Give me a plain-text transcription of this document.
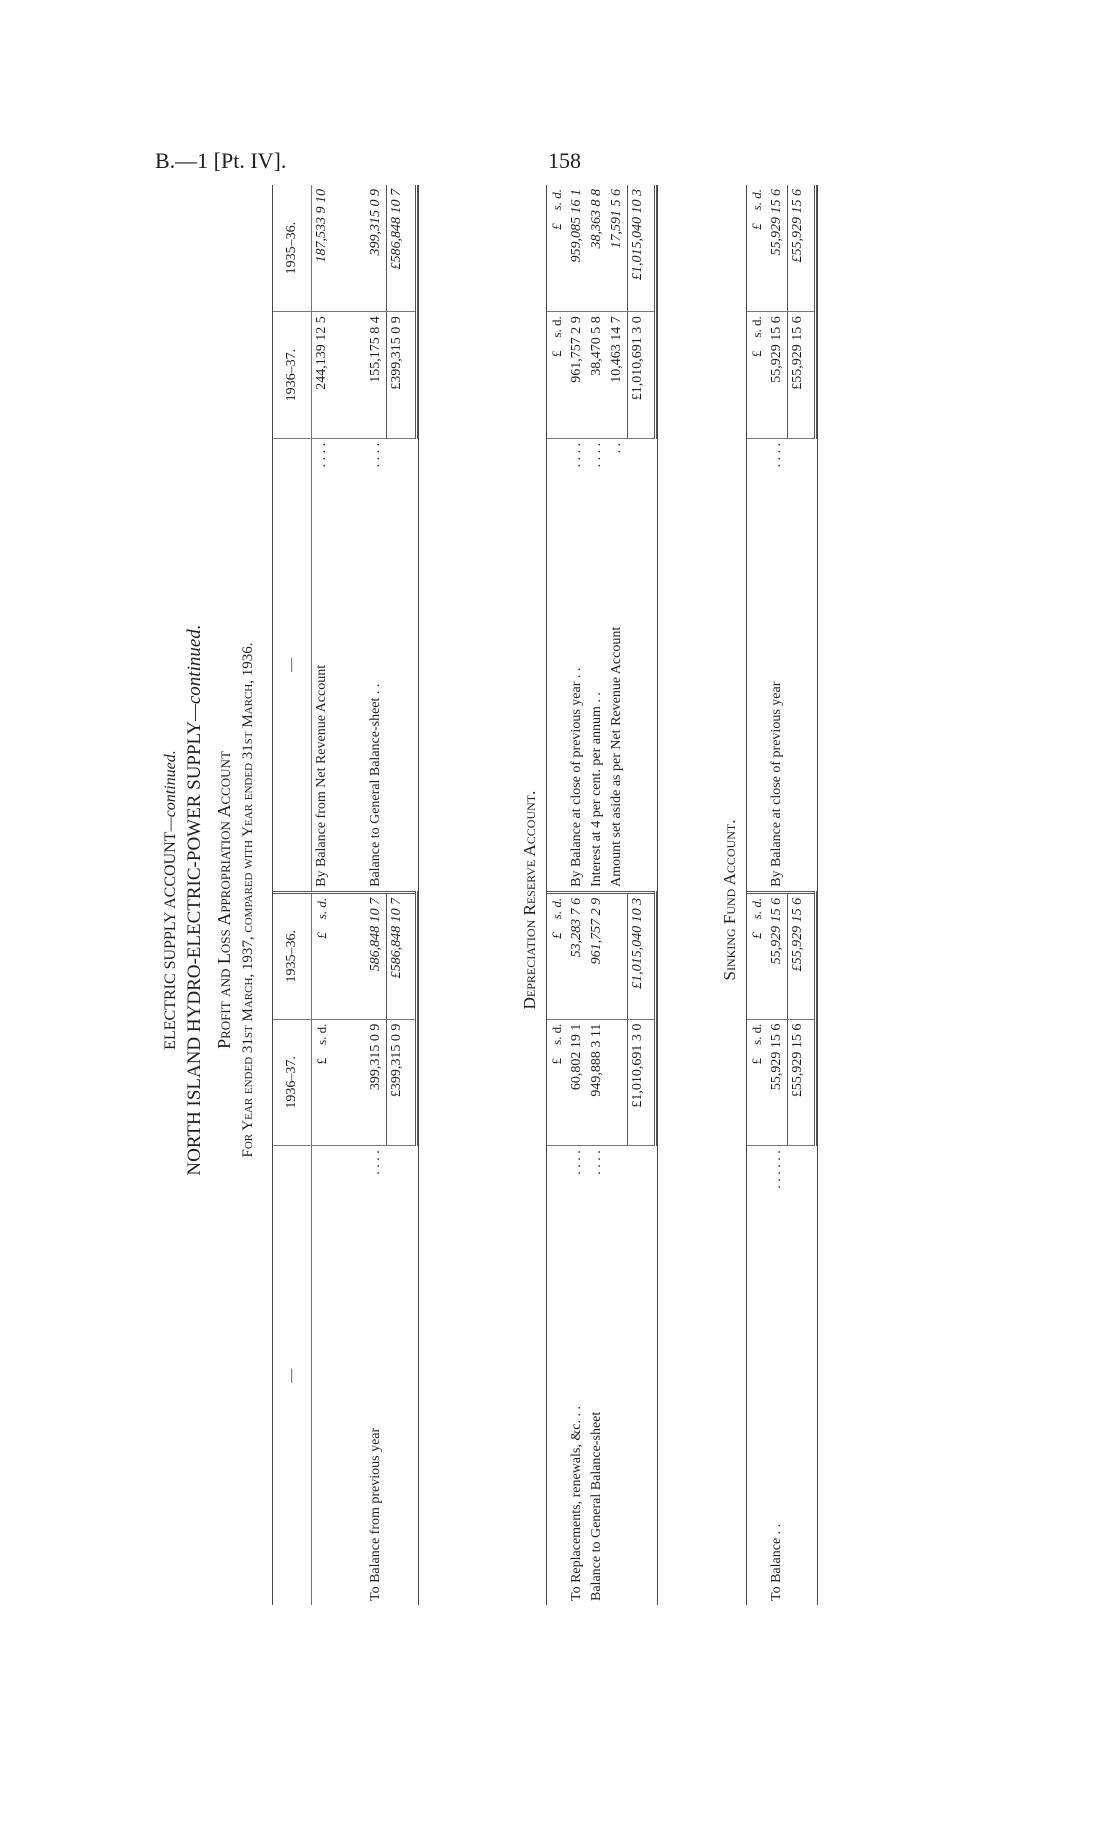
B.—1 [Pt. IV].	158
ELECTRIC SUPPLY ACCOUNT—continued. NORTH ISLAND HYDRO-ELECTRIC-POWER SUPPLY—continued.
Profit and Loss Appropriation Account For Year ended 31st March, 1937, compared with Year ended 31st March, 1936.
—		1936–37.	1935–36.	—		1936–37.	1935–36.
		£    s. d.	£    s. d.	By Balance from Net Revenue Account	. . . .	244,139 12 5	187,533 9 10
To Balance from previous year	. . . .	399,315 0 9	586,848 10 7	Balance to General Balance-sheet . .	. . . .	155,175 8 4	399,315 0 9
		£399,315 0 9	£586,848 10 7			£399,315 0 9	£586,848 10 7
Depreciation Reserve Account.
		£    s. d.	£    s. d.			£    s. d.	£    s. d.
To Replacements, renewals, &c. . .	. . . .	60,802 19 1	53,283 7 6	By Balance at close of previous year . .	. . . .	961,757 2 9	959,085 16 1
Balance to General Balance-sheet	. . . .	949,888 3 11	961,757 2 9	Interest at 4 per cent. per annum . .	. . . .	38,470 5 8	38,363 8 8
				Amount set aside as per Net Revenue Account	. .	10,463 14 7	17,591 5 6
		£1,010,691 3 0	£1,015,040 10 3			£1,010,691 3 0	£1,015,040 10 3
Sinking Fund Account.
		£    s. d.	£    s. d.			£    s. d.	£    s. d.
To Balance . .	. . . . . .	55,929 15 6	55,929 15 6	By Balance at close of previous year	. . . .	55,929 15 6	55,929 15 6
		£55,929 15 6	£55,929 15 6			£55,929 15 6	£55,929 15 6
